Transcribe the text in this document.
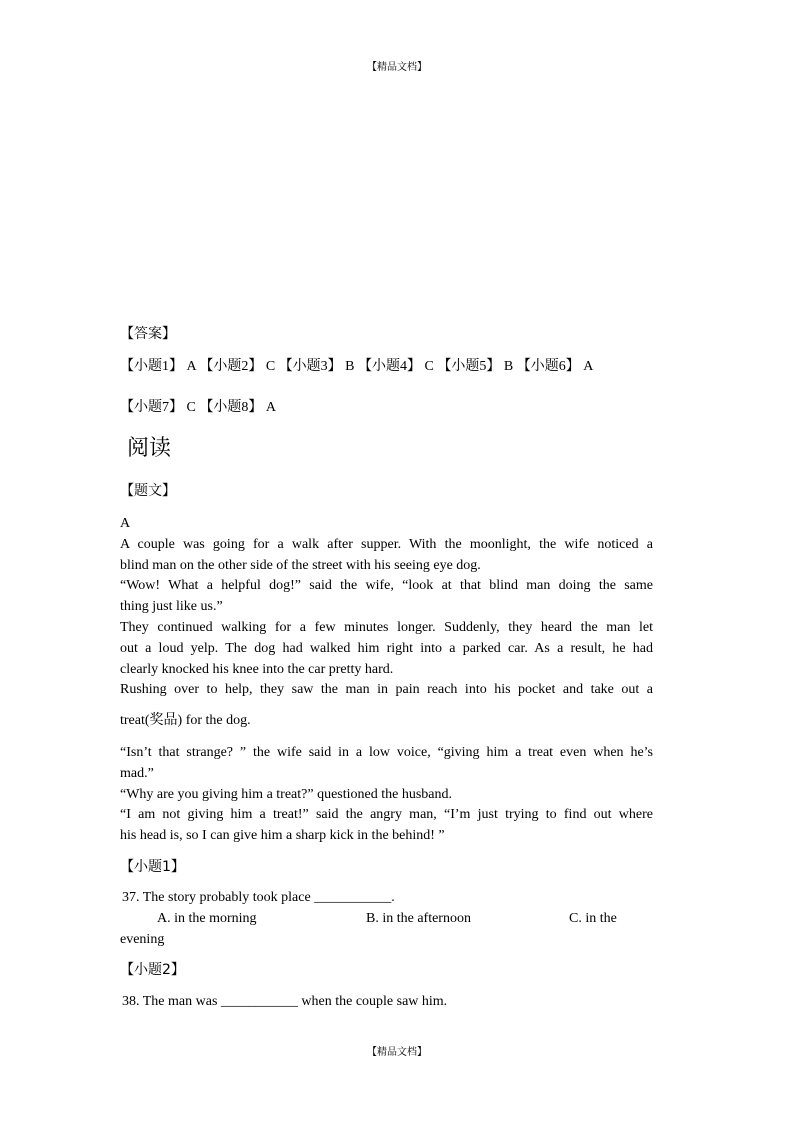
【精品文档】
【答案】
【小题1】 A 【小题2】 C 【小题3】 B 【小题4】 C 【小题5】 B 【小题6】 A
【小题7】 C 【小题8】 A
阅读
【题文】
A
A couple was going for a walk after supper. With the moonlight, the wife noticed a
blind man on the other side of the street with his seeing eye dog.
“Wow! What a helpful dog!” said the wife, “look at that blind man doing the same
thing just like us.”
They continued walking for a few minutes longer. Suddenly, they heard the man let
out a loud yelp. The dog had walked him right into a parked car. As a result, he had
clearly knocked his knee into the car pretty hard.
Rushing over to help, they saw the man in pain reach into his pocket and take out a
treat(奖品) for the dog.
“Isn’t that strange? ” the wife said in a low voice, “giving him a treat even when he’s
mad.”
“Why are you giving him a treat?” questioned the husband.
“I am not giving him a treat!” said the angry man, “I’m just trying to find out where
his head is, so I can give him a sharp kick in the behind! ”
【小题1】
37. The story probably took place ___________.
A. in the morning	B. in the afternoon	C. in the
evening
【小题2】
38. The man was ___________ when the couple saw him.
【精品文档】
